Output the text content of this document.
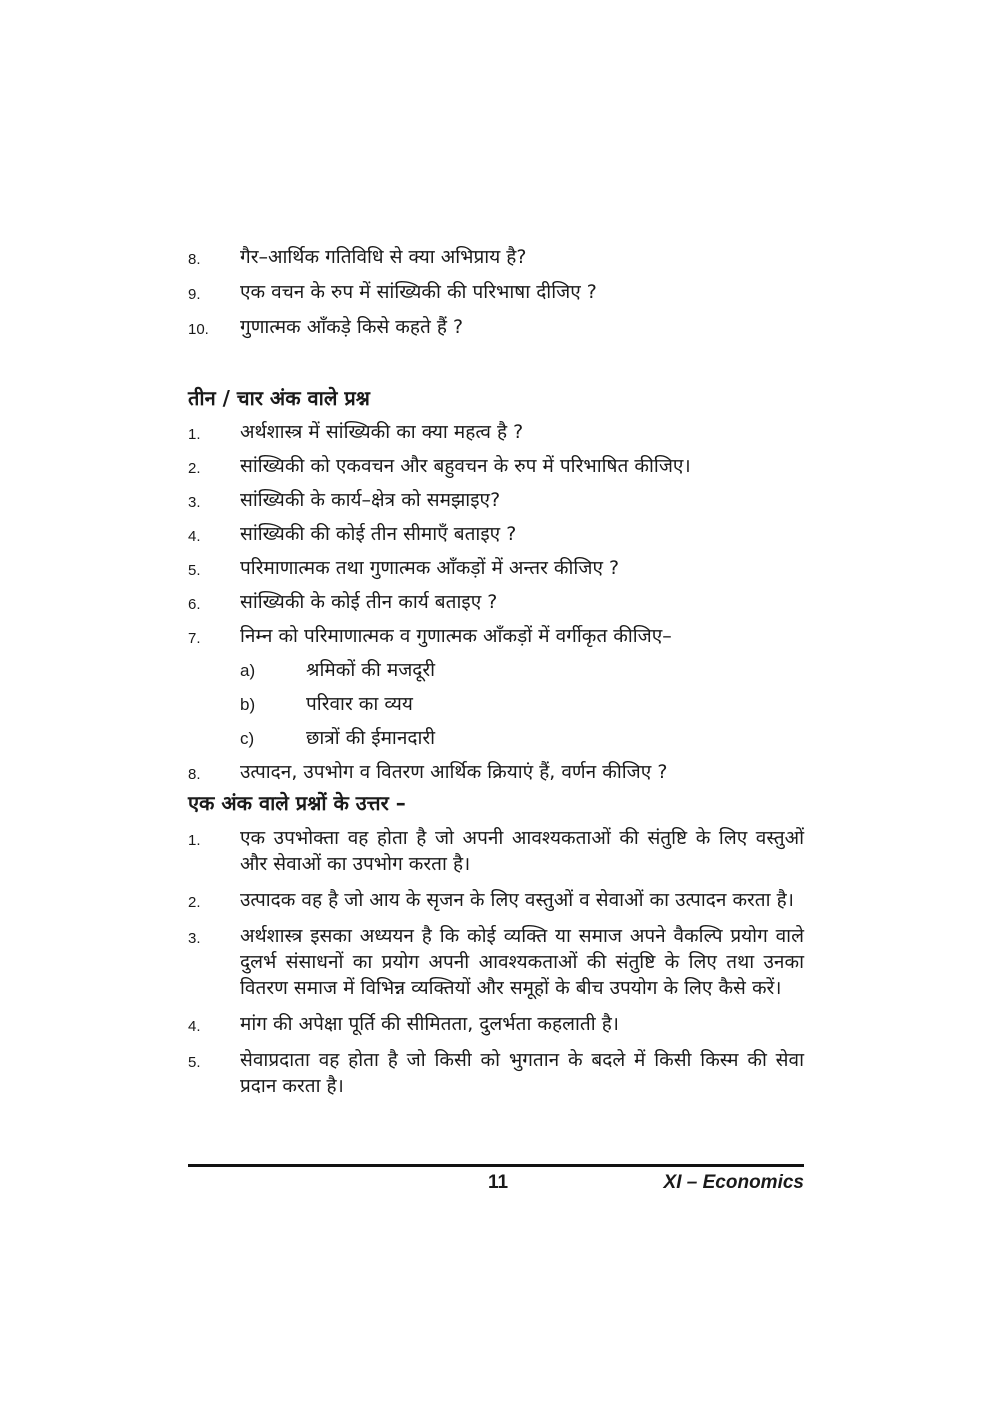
8.	गैर–आर्थिक गतिविधि से क्या अभिप्राय है?
9.	एक वचन के रुप में सांख्यिकी की परिभाषा दीजिए ?
10.	गुणात्मक आँकड़े किसे कहते हैं ?
तीन / चार अंक वाले प्रश्न
1.	अर्थशास्त्र में सांख्यिकी का क्या महत्व है ?
2.	सांख्यिकी को एकवचन और बहुवचन के रुप में परिभाषित कीजिए।
3.	सांख्यिकी के कार्य–क्षेत्र को समझाइए?
4.	सांख्यिकी की कोई तीन सीमाएँ बताइए ?
5.	परिमाणात्मक तथा गुणात्मक आँकड़ों में अन्तर कीजिए ?
6.	सांख्यिकी के कोई तीन कार्य बताइए ?
7.	निम्न को परिमाणात्मक व गुणात्मक आँकड़ों में वर्गीकृत कीजिए–
a)	श्रमिकों की मजदूरी
b)	परिवार का व्यय
c)	छात्रों की ईमानदारी
8.	उत्पादन, उपभोग व वितरण आर्थिक क्रियाएं हैं, वर्णन कीजिए ?
एक अंक वाले प्रश्नों के उत्तर –
1.	एक उपभोक्ता वह होता है जो अपनी आवश्यकताओं की संतुष्टि के लिए वस्तुओं और सेवाओं का उपभोग करता है।
2.	उत्पादक वह है जो आय के सृजन के लिए वस्तुओं व सेवाओं का उत्पादन करता है।
3.	अर्थशास्त्र इसका अध्ययन है कि कोई व्यक्ति या समाज अपने वैकल्पि प्रयोग वाले दुलर्भ संसाधनों का प्रयोग अपनी आवश्यकताओं की संतुष्टि के लिए तथा उनका वितरण समाज में विभिन्न व्यक्तियों और समूहों के बीच उपयोग के लिए कैसे करें।
4.	मांग की अपेक्षा पूर्ति की सीमितता, दुलर्भता कहलाती है।
5.	सेवाप्रदाता वह होता है जो किसी को भुगतान के बदले में किसी किस्म की सेवा प्रदान करता है।
11	XI – Economics
